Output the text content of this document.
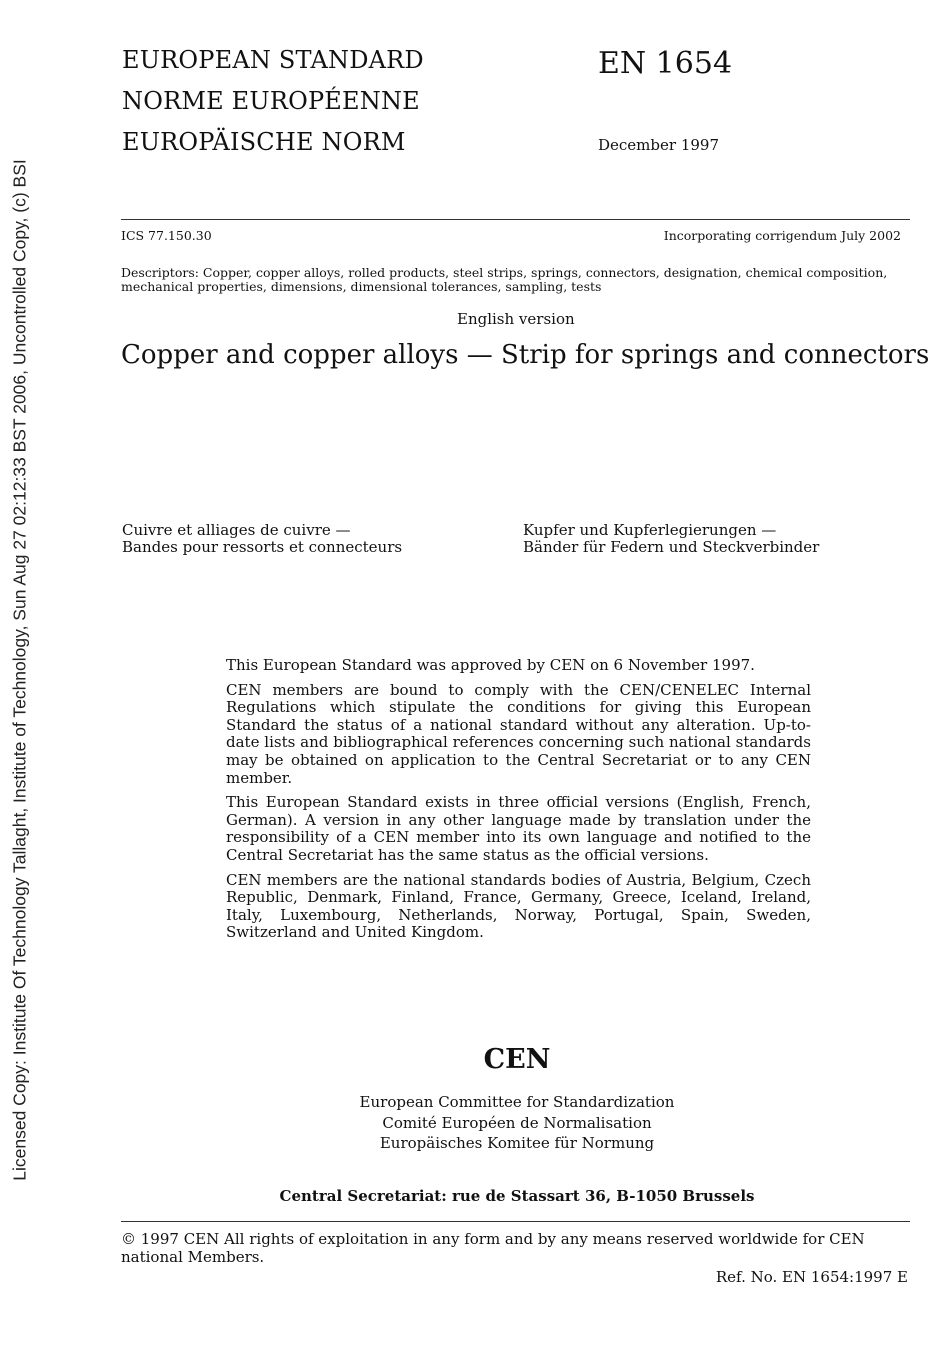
Licensed Copy: Institute Of Technology Tallaght, Institute of Technology, Sun Aug 27 02:12:33 BST 2006, Uncontrolled Copy, (c) BSI
EUROPEAN STANDARD
NORME EUROPÉENNE
EUROPÄISCHE NORM
EN 1654
December 1997
ICS 77.150.30	Incorporating corrigendum July 2002
Descriptors: Copper, copper alloys, rolled products, steel strips, springs, connectors, designation, chemical composition,
mechanical properties, dimensions, dimensional tolerances, sampling, tests
English version
Copper and copper alloys — Strip for springs and connectors
Cuivre et alliages de cuivre —
Bandes pour ressorts et connecteurs
Kupfer und Kupferlegierungen —
Bänder für Federn und Steckverbinder

This European Standard was approved by CEN on 6 November 1997.

CEN members are bound to comply with the CEN/CENELEC Internal Regulations which stipulate the conditions for giving this European Standard the status of a national standard without any alteration. Up-to-date lists and bibliographical references concerning such national standards may be obtained on application to the Central Secretariat or to any CEN member.

This European Standard exists in three official versions (English, French, German). A version in any other language made by translation under the responsibility of a CEN member into its own language and notified to the Central Secretariat has the same status as the official versions.

CEN members are the national standards bodies of Austria, Belgium, Czech Republic, Denmark, Finland, France, Germany, Greece, Iceland, Ireland, Italy, Luxembourg, Netherlands, Norway, Portugal, Spain, Sweden, Switzerland and United Kingdom.

CEN
European Committee for Standardization
Comité Européen de Normalisation
Europäisches Komitee für Normung
Central Secretariat: rue de Stassart 36, B-1050 Brussels
© 1997 CEN All rights of exploitation in any form and by any means reserved worldwide for CEN national Members.
Ref. No. EN 1654:1997 E
